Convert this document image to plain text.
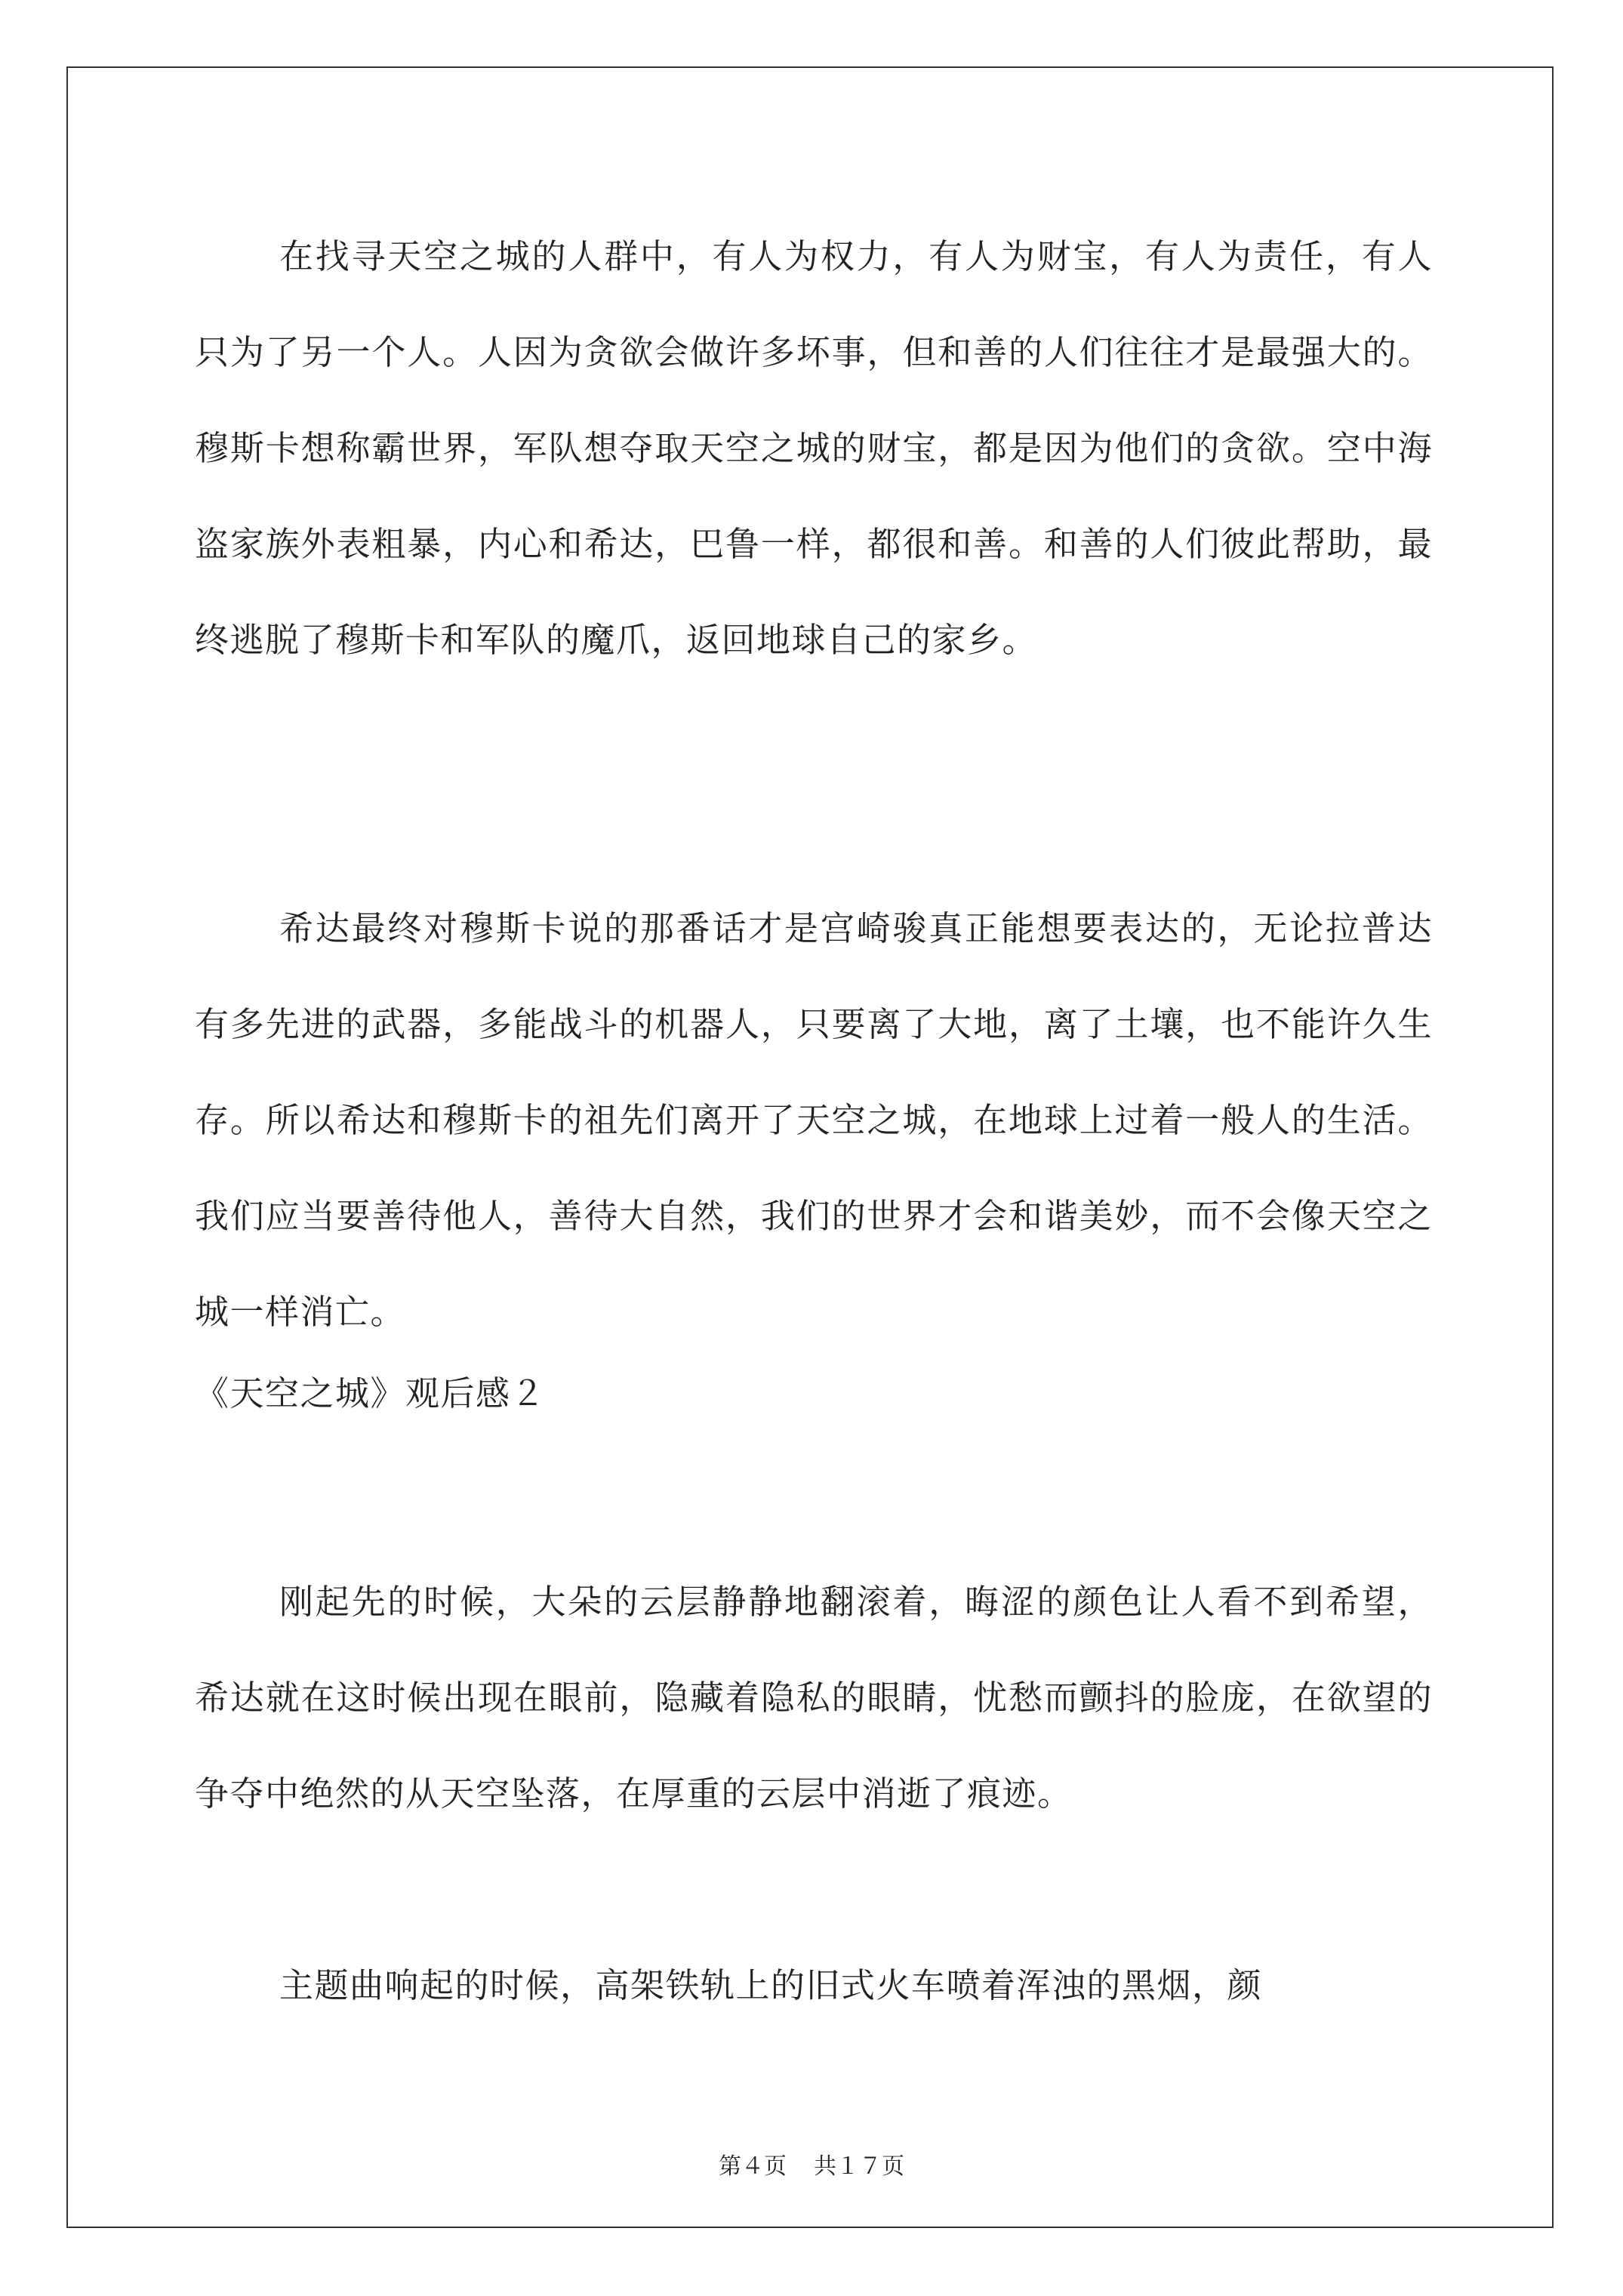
在找寻天空之城的人群中，有人为权力，有人为财宝，有人为责任，有人只为了另一个人。人因为贪欲会做许多坏事，但和善的人们往往才是最强大的。穆斯卡想称霸世界，军队想夺取天空之城的财宝，都是因为他们的贪欲。空中海盗家族外表粗暴，内心和希达，巴鲁一样，都很和善。和善的人们彼此帮助，最终逃脱了穆斯卡和军队的魔爪，返回地球自己的家乡。

希达最终对穆斯卡说的那番话才是宫崎骏真正能想要表达的，无论拉普达有多先进的武器，多能战斗的机器人，只要离了大地，离了土壤，也不能许久生存。所以希达和穆斯卡的祖先们离开了天空之城，在地球上过着一般人的生活。我们应当要善待他人，善待大自然，我们的世界才会和谐美妙，而不会像天空之城一样消亡。

《天空之城》观后感２

刚起先的时候，大朵的云层静静地翻滚着，晦涩的颜色让人看不到希望，希达就在这时候出现在眼前，隐藏着隐私的眼睛，忧愁而颤抖的脸庞，在欲望的争夺中绝然的从天空坠落，在厚重的云层中消逝了痕迹。

主题曲响起的时候，高架铁轨上的旧式火车喷着浑浊的黑烟，颜

第４页 共１７页
